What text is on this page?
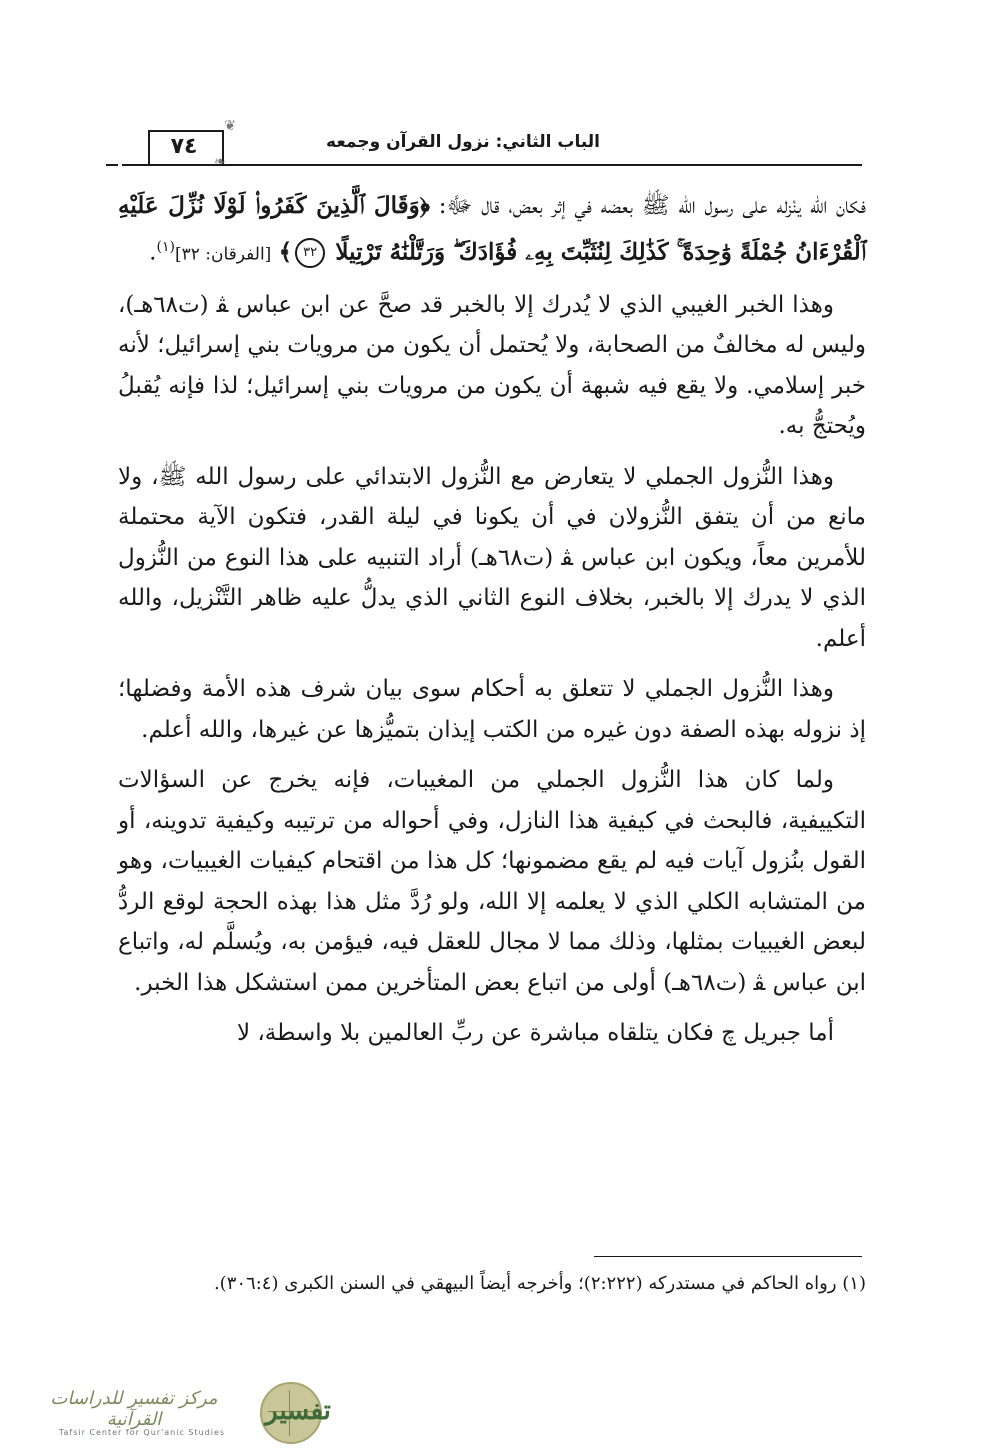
الباب الثاني: نزول القرآن وجمعه
٧٤
❦
❧

فكان الله ينْزله على رسول الله ﷺ بعضه في إثر بعض، قال ﷻ: ﴿وَقَالَ ٱلَّذِينَ كَفَرُوا۟ لَوْلَا نُزِّلَ عَلَيْهِ ٱلْقُرْءَانُ جُمْلَةً وَٰحِدَةً ۚ كَذَٰلِكَ لِنُثَبِّتَ بِهِۦ فُؤَادَكَ ۖ وَرَتَّلْنَٰهُ تَرْتِيلًا ٣٢﴾ [الفرقان: ٣٢]$^{(١)}$.

وهذا الخبر الغيبي الذي لا يُدرك إلا بالخبر قد صحَّ عن ابن عباس ﭭ (ت٦٨هـ)، وليس له مخالفٌ من الصحابة، ولا يُحتمل أن يكون من مرويات بني إسرائيل؛ لأنه خبر إسلامي. ولا يقع فيه شبهة أن يكون من مرويات بني إسرائيل؛ لذا فإنه يُقبلُ ويُحتجُّ به.

وهذا النُّزول الجملي لا يتعارض مع النُّزول الابتدائي على رسول الله ﷺ، ولا مانع من أن يتفق النُّزولان في أن يكونا في ليلة القدر، فتكون الآية محتملة للأمرين معاً، ويكون ابن عباس ﭭ (ت٦٨هـ) أراد التنبيه على هذا النوع من النُّزول الذي لا يدرك إلا بالخبر، بخلاف النوع الثاني الذي يدلُّ عليه ظاهر التَّنْزيل، والله أعلم.

وهذا النُّزول الجملي لا تتعلق به أحكام سوى بيان شرف هذه الأمة وفضلها؛ إذ نزوله بهذه الصفة دون غيره من الكتب إيذان بتميُّزها عن غيرها، والله أعلم.

ولما كان هذا النُّزول الجملي من المغيبات، فإنه يخرج عن السؤالات التكييفية، فالبحث في كيفية هذا النازل، وفي أحواله من ترتيبه وكيفية تدوينه، أو القول بنُزول آيات فيه لم يقع مضمونها؛ كل هذا من اقتحام كيفيات الغيبيات، وهو من المتشابه الكلي الذي لا يعلمه إلا الله، ولو رُدَّ مثل هذا بهذه الحجة لوقع الردُّ لبعض الغيبيات بمثلها، وذلك مما لا مجال للعقل فيه، فيؤمن به، ويُسلَّم له، واتباع ابن عباس ﭭ (ت٦٨هـ) أولى من اتباع بعض المتأخرين ممن استشكل هذا الخبر.

أما جبريل ﭺ فكان يتلقاه مباشرة عن ربِّ العالمين بلا واسطة، لا

(١) رواه الحاكم في مستدركه (٢:٢٢٢)؛ وأخرجه أيضاً البيهقي في السنن الكبرى (٣٠٦:٤).
تفسير
مركز تفسير للدراسات القرآنية
Tafsir Center for Qur'anic Studies
